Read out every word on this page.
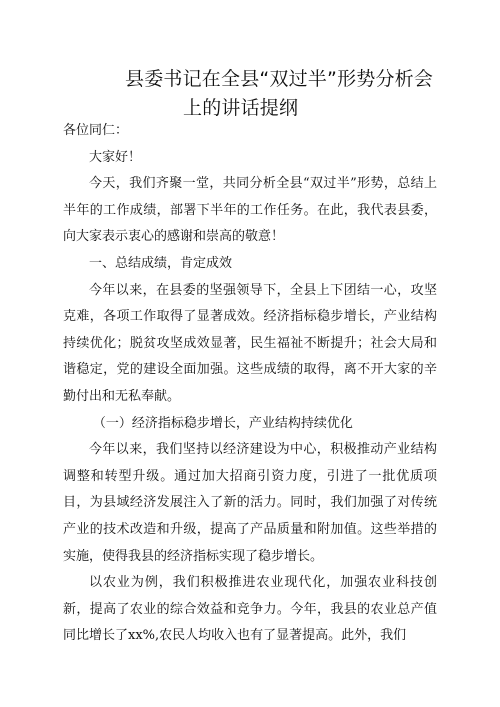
县委书记在全县“双过半”形势分析会
上的讲话提纲

各位同仁：

大家好！

今天，我们齐聚一堂，共同分析全县“双过半”形势，总结上半年的工作成绩，部署下半年的工作任务。在此，我代表县委，向大家表示衷心的感谢和崇高的敬意！

一、总结成绩，肯定成效

今年以来，在县委的坚强领导下，全县上下团结一心，攻坚克难，各项工作取得了显著成效。经济指标稳步增长，产业结构持续优化；脱贫攻坚成效显著，民生福祉不断提升；社会大局和谐稳定，党的建设全面加强。这些成绩的取得，离不开大家的辛勤付出和无私奉献。

（一）经济指标稳步增长，产业结构持续优化

今年以来，我们坚持以经济建设为中心，积极推动产业结构调整和转型升级。通过加大招商引资力度，引进了一批优质项目，为县域经济发展注入了新的活力。同时，我们加强了对传统产业的技术改造和升级，提高了产品质量和附加值。这些举措的实施，使得我县的经济指标实现了稳步增长。

以农业为例，我们积极推进农业现代化，加强农业科技创新，提高了农业的综合效益和竞争力。今年，我县的农业总产值同比增长了xx%,农民人均收入也有了显著提高。此外，我们
